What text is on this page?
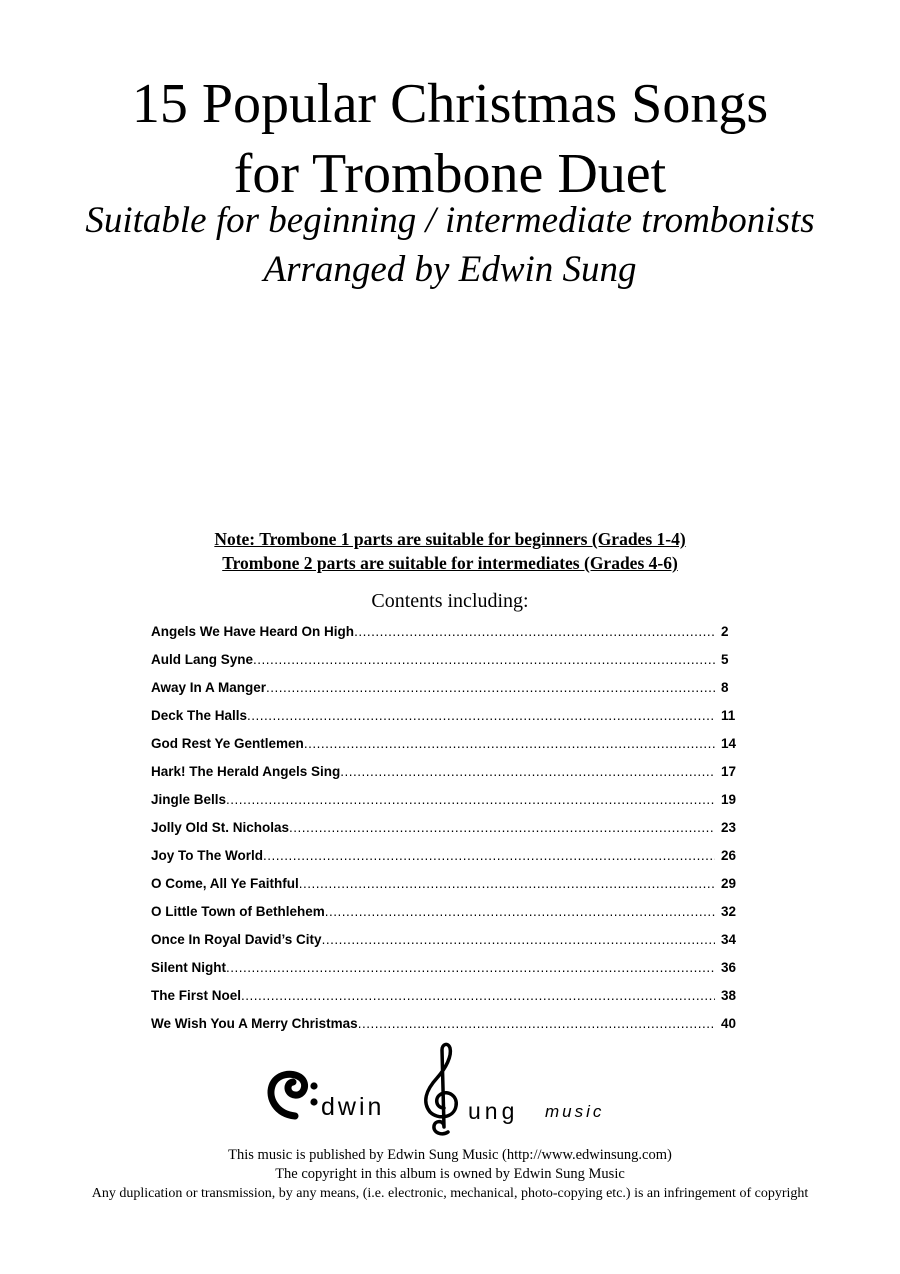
15 Popular Christmas Songs
for Trombone Duet

Suitable for beginning / intermediate trombonists

Arranged by Edwin Sung

Note: Trombone 1 parts are suitable for beginners (Grades 1-4)

Trombone 2 parts are suitable for intermediates (Grades 4-6)

Contents including:
Angels We Have Heard On High .....	2
Auld Lang Syne .....	5
Away In A Manger .....	8
Deck The Halls .....	11
God Rest Ye Gentlemen .....	14
Hark! The Herald Angels Sing .....	17
Jingle Bells .....	19
Jolly Old St. Nicholas .....	23
Joy To The World .....	26
O Come, All Ye Faithful .....	29
O Little Town of Bethlehem .....	32
Once In Royal David’s City .....	34
Silent Night .....	36
The First Noel .....	38
We Wish You A Merry Christmas .....	40
dwin	ung music

This music is published by Edwin Sung Music (http://www.edwinsung.com)

The copyright in this album is owned by Edwin Sung Music

Any duplication or transmission, by any means, (i.e. electronic, mechanical, photo-copying etc.) is an infringement of copyright
